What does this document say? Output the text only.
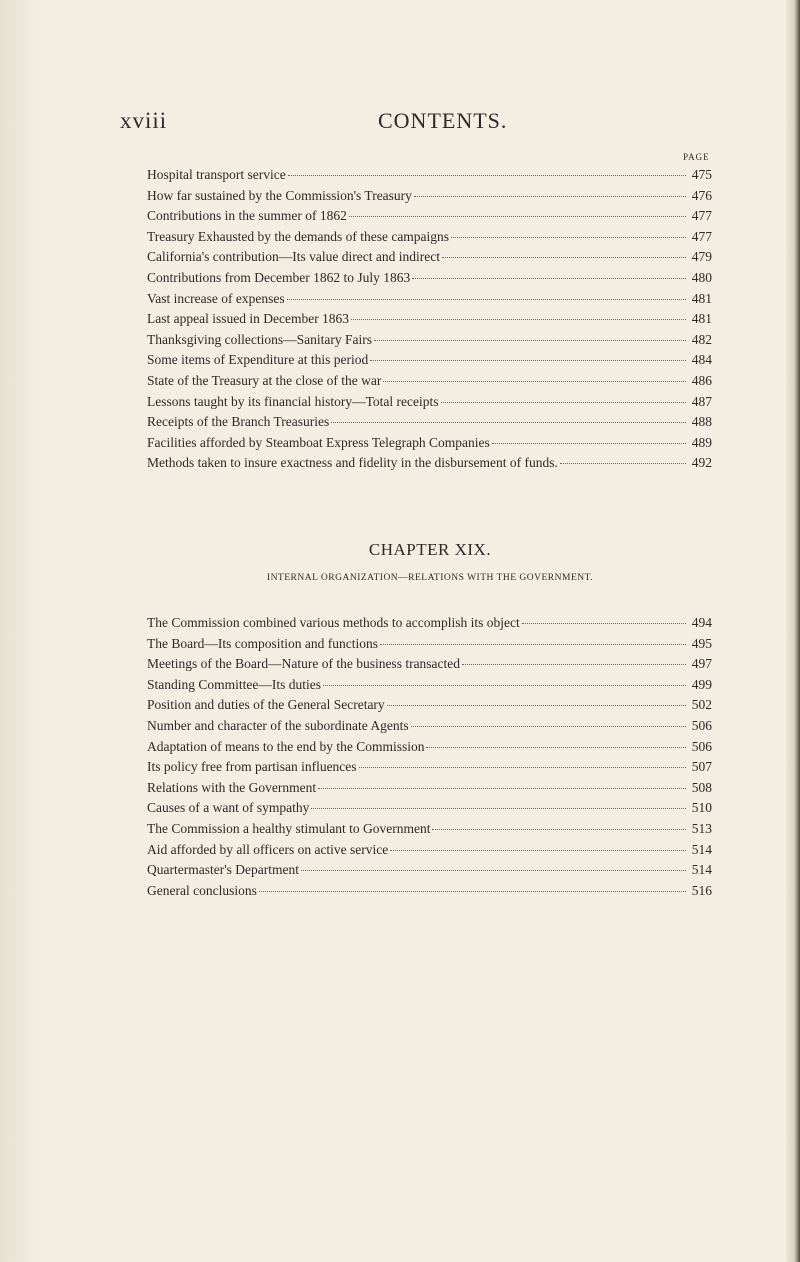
xviii	CONTENTS.
PAGE
Hospital transport service	475
How far sustained by the Commission's Treasury	476
Contributions in the summer of 1862	477
Treasury Exhausted by the demands of these campaigns	477
California's contribution—Its value direct and indirect	479
Contributions from December 1862 to July 1863	480
Vast increase of expenses	481
Last appeal issued in December 1863	481
Thanksgiving collections—Sanitary Fairs	482
Some items of Expenditure at this period	484
State of the Treasury at the close of the war	486
Lessons taught by its financial history—Total receipts	487
Receipts of the Branch Treasuries	488
Facilities afforded by Steamboat Express Telegraph Companies	489
Methods taken to insure exactness and fidelity in the disbursement of funds.	492
CHAPTER XIX.
INTERNAL ORGANIZATION—RELATIONS WITH THE GOVERNMENT.
The Commission combined various methods to accomplish its object	494
The Board—Its composition and functions	495
Meetings of the Board—Nature of the business transacted	497
Standing Committee—Its duties	499
Position and duties of the General Secretary	502
Number and character of the subordinate Agents	506
Adaptation of means to the end by the Commission	506
Its policy free from partisan influences	507
Relations with the Government	508
Causes of a want of sympathy	510
The Commission a healthy stimulant to Government	513
Aid afforded by all officers on active service	514
Quartermaster's Department	514
General conclusions	516
